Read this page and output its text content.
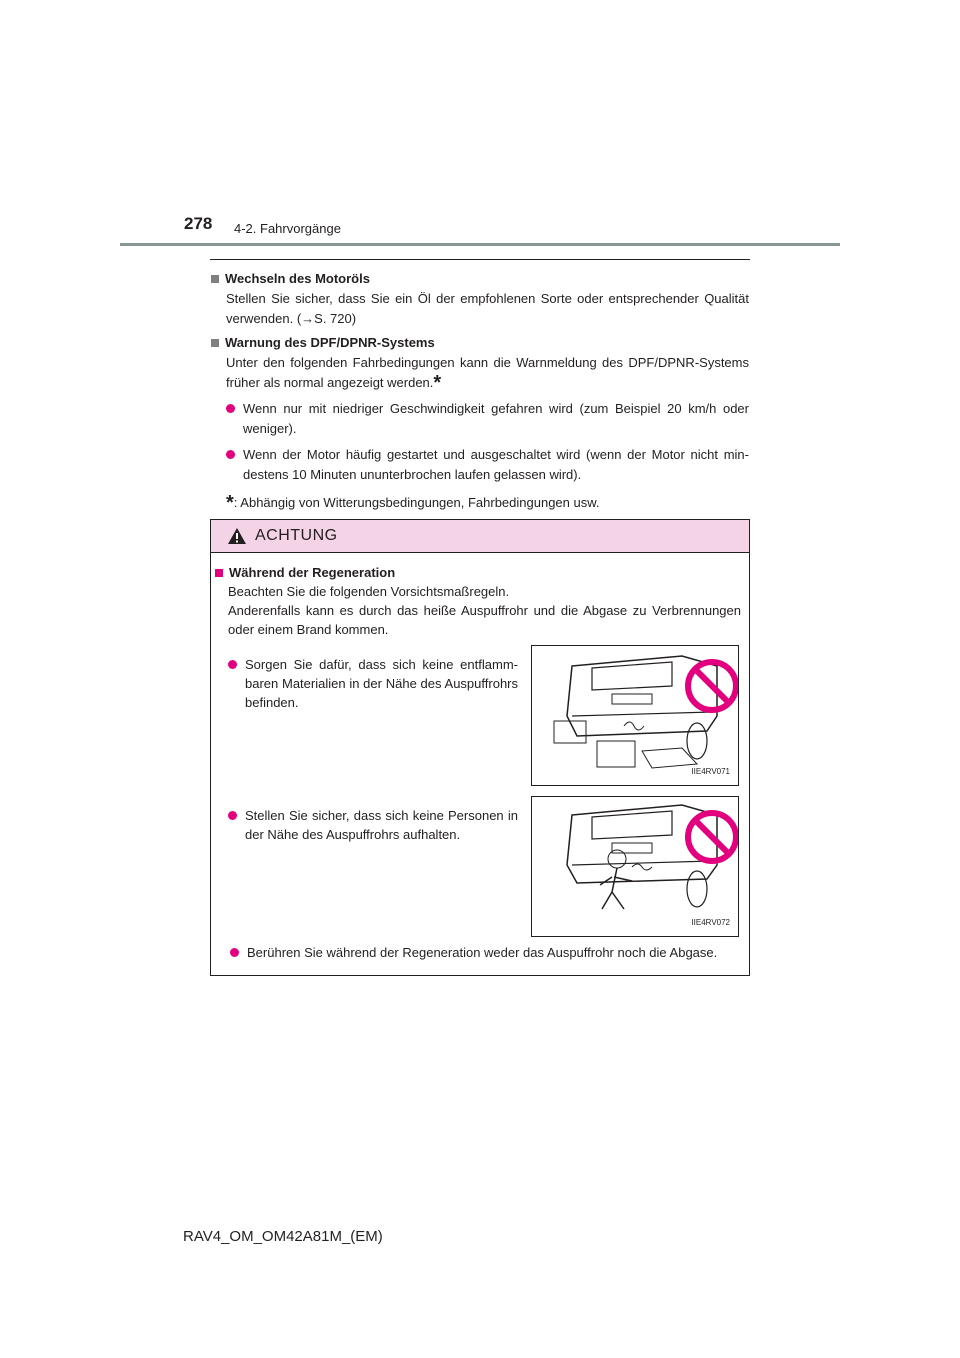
278 4-2. Fahrvorgänge
Wechseln des Motoröls

Stellen Sie sicher, dass Sie ein Öl der empfohlenen Sorte oder entsprechender Qualität verwenden. (→S. 720)

Warnung des DPF/DPNR-Systems

Unter den folgenden Fahrbedingungen kann die Warnmeldung des DPF/DPNR-Systems früher als normal angezeigt werden.*

Wenn nur mit niedriger Geschwindigkeit gefahren wird (zum Beispiel 20 km/h oder weniger).
Wenn der Motor häufig gestartet und ausgeschaltet wird (wenn der Motor nicht mindestens 10 Minuten ununterbrochen laufen gelassen wird).
*: Abhängig von Witterungsbedingungen, Fahrbedingungen usw.
ACHTUNG
Während der Regeneration

Beachten Sie die folgenden Vorsichtsmaßregeln.

Anderenfalls kann es durch das heiße Auspuffrohr und die Abgase zu Verbrennungen oder einem Brand kommen.

Sorgen Sie dafür, dass sich keine entflammbaren Materialien in der Nähe des Auspuffrohrs befinden.
IIE4RV071
Stellen Sie sicher, dass sich keine Personen in der Nähe des Auspuffrohrs aufhalten.
IIE4RV072
Berühren Sie während der Regeneration weder das Auspuffrohr noch die Abgase.
RAV4_OM_OM42A81M_(EM)
